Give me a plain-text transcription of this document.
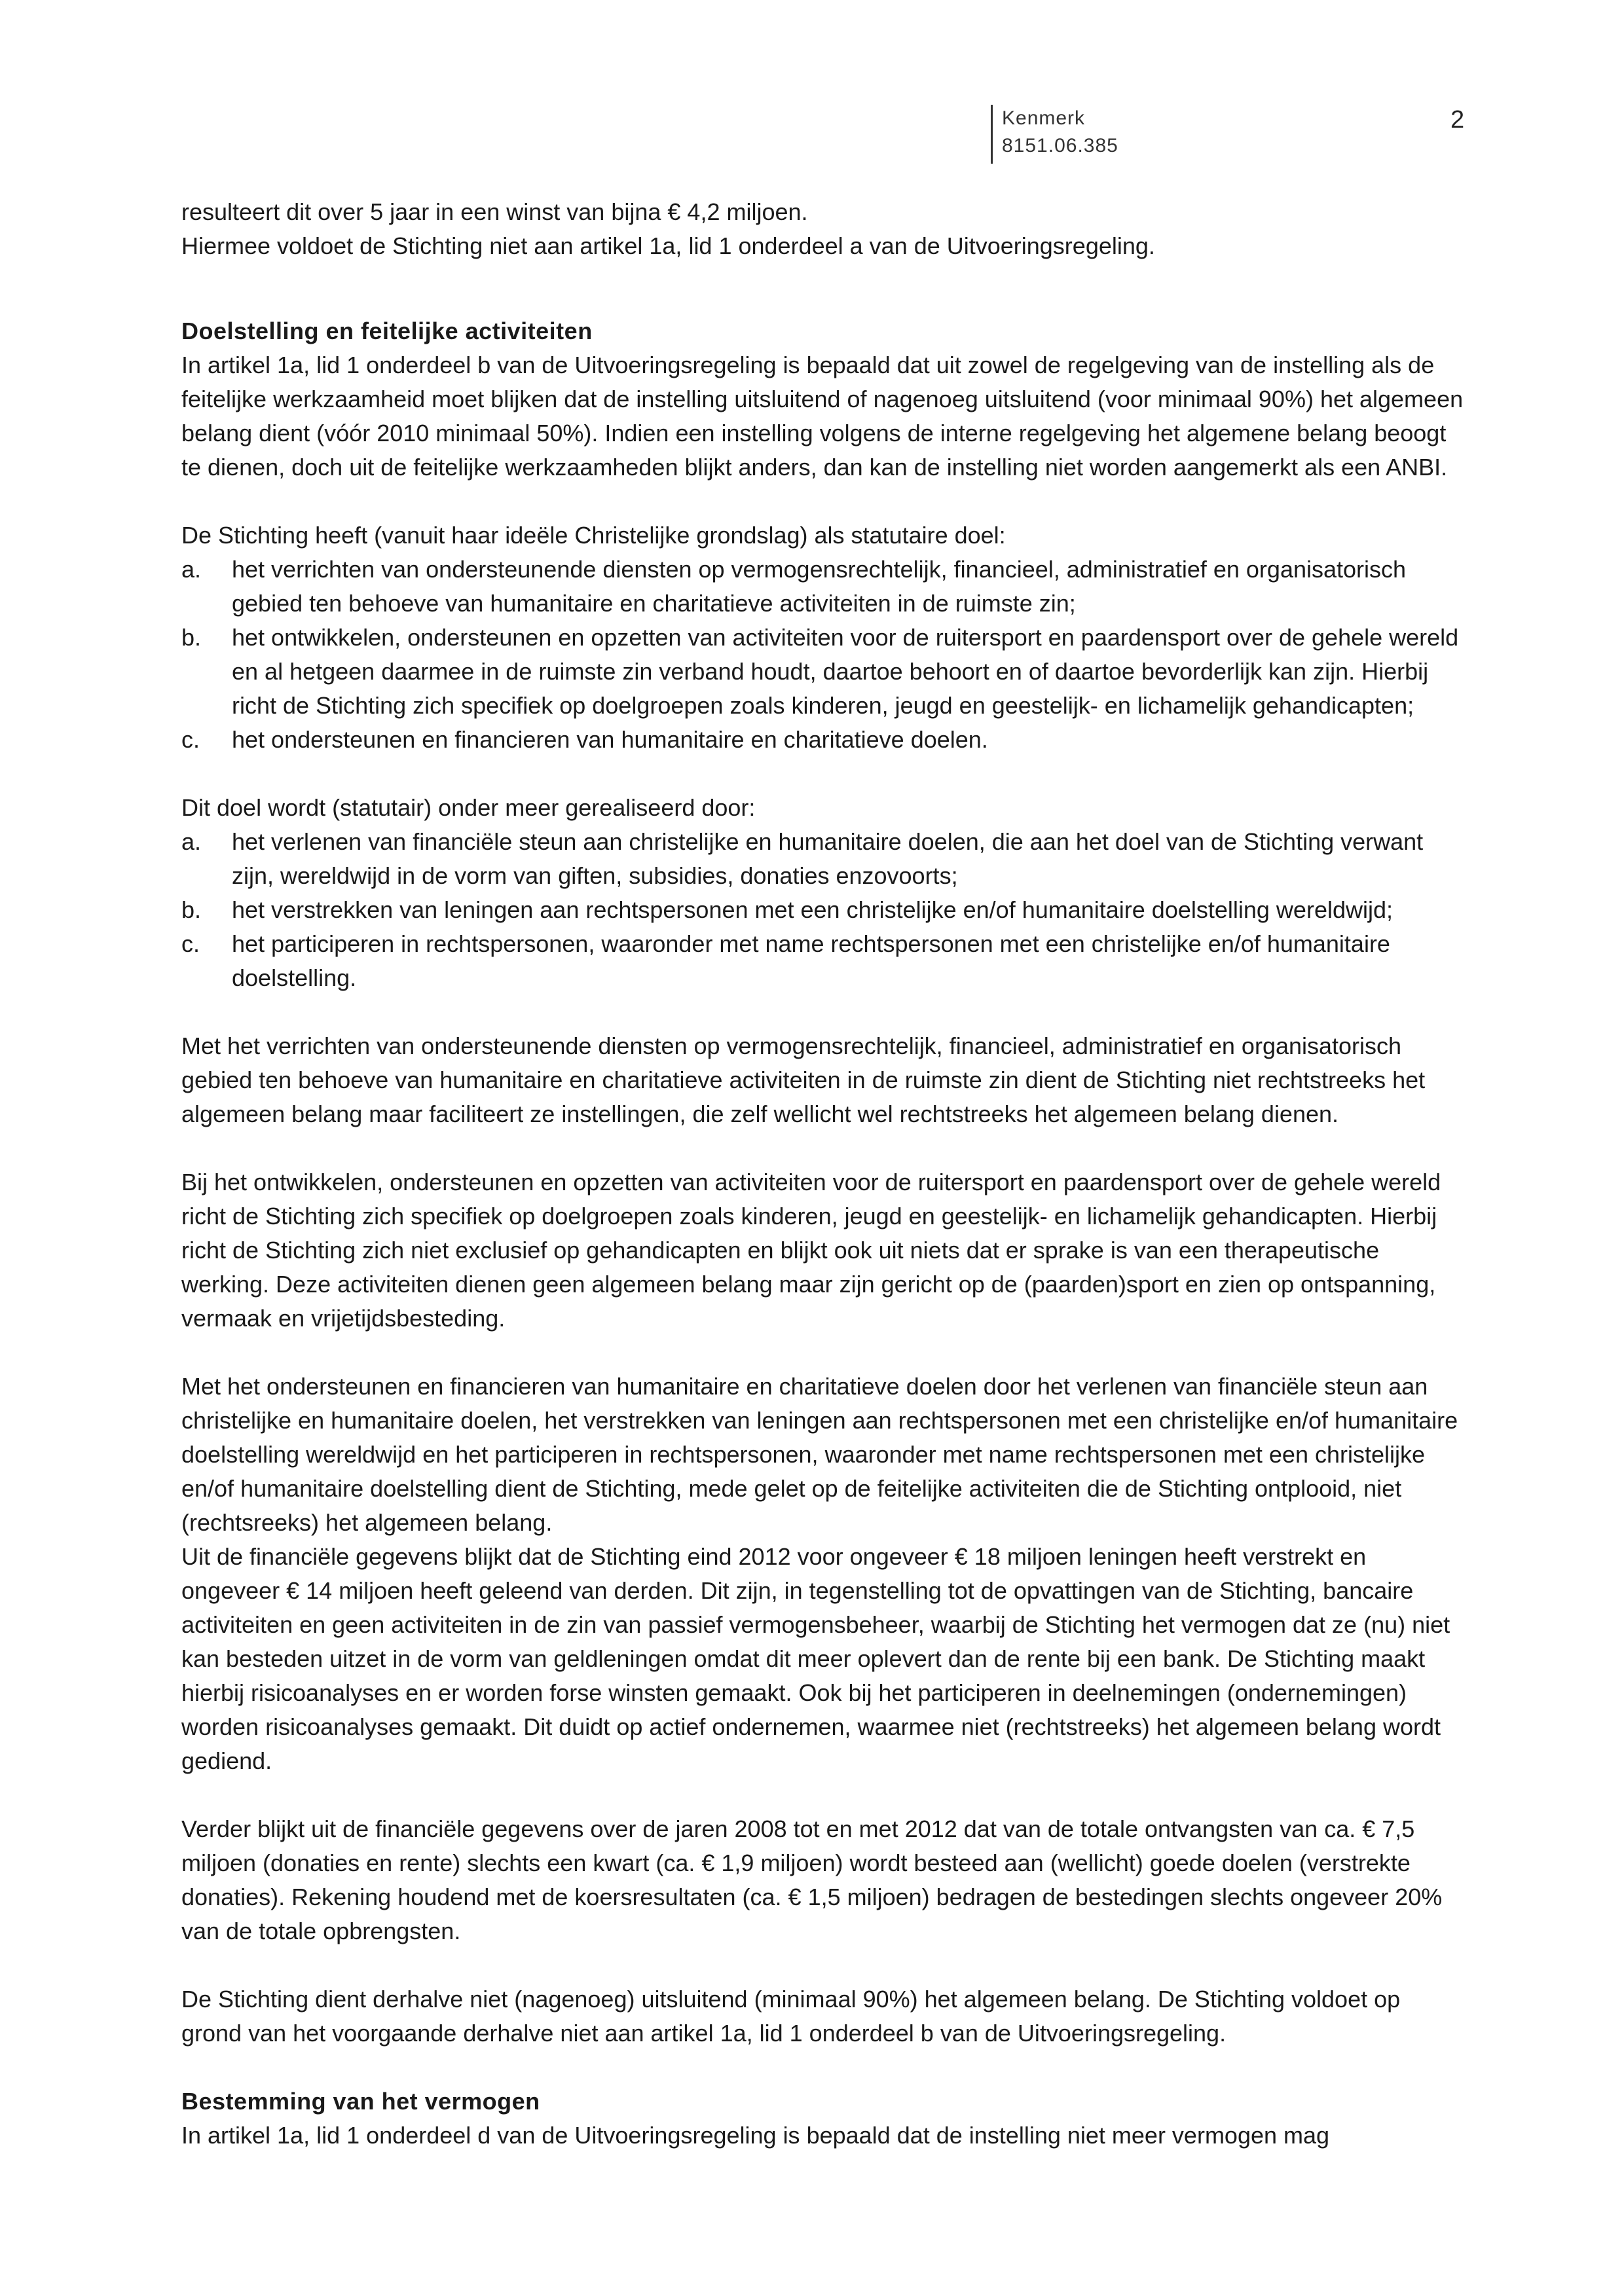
Kenmerk
8151.06.385
2

resulteert dit over 5 jaar in een winst van bijna € 4,2 miljoen.

Hiermee voldoet de Stichting niet aan artikel 1a, lid 1 onderdeel a van de Uitvoeringsregeling.

Doelstelling en feitelijke activiteiten

In artikel 1a, lid 1 onderdeel b van de Uitvoeringsregeling is bepaald dat uit zowel de regelgeving van de instelling als de feitelijke werkzaamheid moet blijken dat de instelling uitsluitend of nagenoeg uitsluitend (voor minimaal 90%) het algemeen belang dient (vóór 2010 minimaal 50%). Indien een instelling volgens de interne regelgeving het algemene belang beoogt te dienen, doch uit de feitelijke werkzaamheden blijkt anders, dan kan de instelling niet worden aangemerkt als een ANBI.

De Stichting heeft (vanuit haar ideële Christelijke grondslag) als statutaire doel:

a. het verrichten van ondersteunende diensten op vermogensrechtelijk, financieel, administratief en organisatorisch gebied ten behoeve van humanitaire en charitatieve activiteiten in de ruimste zin;
b. het ontwikkelen, ondersteunen en opzetten van activiteiten voor de ruitersport en paardensport over de gehele wereld en al hetgeen daarmee in de ruimste zin verband houdt, daartoe behoort en of daartoe bevorderlijk kan zijn. Hierbij richt de Stichting zich specifiek op doelgroepen zoals kinderen, jeugd en geestelijk- en lichamelijk gehandicapten;
c. het ondersteunen en financieren van humanitaire en charitatieve doelen.

Dit doel wordt (statutair) onder meer gerealiseerd door:

a. het verlenen van financiële steun aan christelijke en humanitaire doelen, die aan het doel van de Stichting verwant zijn, wereldwijd in de vorm van giften, subsidies, donaties enzovoorts;
b. het verstrekken van leningen aan rechtspersonen met een christelijke en/of humanitaire doelstelling wereldwijd;
c. het participeren in rechtspersonen, waaronder met name rechtspersonen met een christelijke en/of humanitaire doelstelling.

Met het verrichten van ondersteunende diensten op vermogensrechtelijk, financieel, administratief en organisatorisch gebied ten behoeve van humanitaire en charitatieve activiteiten in de ruimste zin dient de Stichting niet rechtstreeks het algemeen belang maar faciliteert ze instellingen, die zelf wellicht wel rechtstreeks het algemeen belang dienen.

Bij het ontwikkelen, ondersteunen en opzetten van activiteiten voor de ruitersport en paardensport over de gehele wereld richt de Stichting zich specifiek op doelgroepen zoals kinderen, jeugd en geestelijk- en lichamelijk gehandicapten. Hierbij richt de Stichting zich niet exclusief op gehandicapten en blijkt ook uit niets dat er sprake is van een therapeutische werking. Deze activiteiten dienen geen algemeen belang maar zijn gericht op de (paarden)sport en zien op ontspanning, vermaak en vrijetijdsbesteding.

Met het ondersteunen en financieren van humanitaire en charitatieve doelen door het verlenen van financiële steun aan christelijke en humanitaire doelen, het verstrekken van leningen aan rechtspersonen met een christelijke en/of humanitaire doelstelling wereldwijd en het participeren in rechtspersonen, waaronder met name rechtspersonen met een christelijke en/of humanitaire doelstelling dient de Stichting, mede gelet op de feitelijke activiteiten die de Stichting ontplooid, niet (rechtsreeks) het algemeen belang.

Uit de financiële gegevens blijkt dat de Stichting eind 2012 voor ongeveer € 18 miljoen leningen heeft verstrekt en ongeveer € 14 miljoen heeft geleend van derden. Dit zijn, in tegenstelling tot de opvattingen van de Stichting, bancaire activiteiten en geen activiteiten in de zin van passief vermogensbeheer, waarbij de Stichting het vermogen dat ze (nu) niet kan besteden uitzet in de vorm van geldleningen omdat dit meer oplevert dan de rente bij een bank. De Stichting maakt hierbij risicoanalyses en er worden forse winsten gemaakt. Ook bij het participeren in deelnemingen (ondernemingen) worden risicoanalyses gemaakt. Dit duidt op actief ondernemen, waarmee niet (rechtstreeks) het algemeen belang wordt gediend.

Verder blijkt uit de financiële gegevens over de jaren 2008 tot en met 2012 dat van de totale ontvangsten van ca. € 7,5 miljoen (donaties en rente) slechts een kwart (ca. € 1,9 miljoen) wordt besteed aan (wellicht) goede doelen (verstrekte donaties). Rekening houdend met de koersresultaten (ca. € 1,5 miljoen) bedragen de bestedingen slechts ongeveer 20% van de totale opbrengsten.

De Stichting dient derhalve niet (nagenoeg) uitsluitend (minimaal 90%) het algemeen belang. De Stichting voldoet op grond van het voorgaande derhalve niet aan artikel 1a, lid 1 onderdeel b van de Uitvoeringsregeling.

Bestemming van het vermogen

In artikel 1a, lid 1 onderdeel d van de Uitvoeringsregeling is bepaald dat de instelling niet meer vermogen mag
